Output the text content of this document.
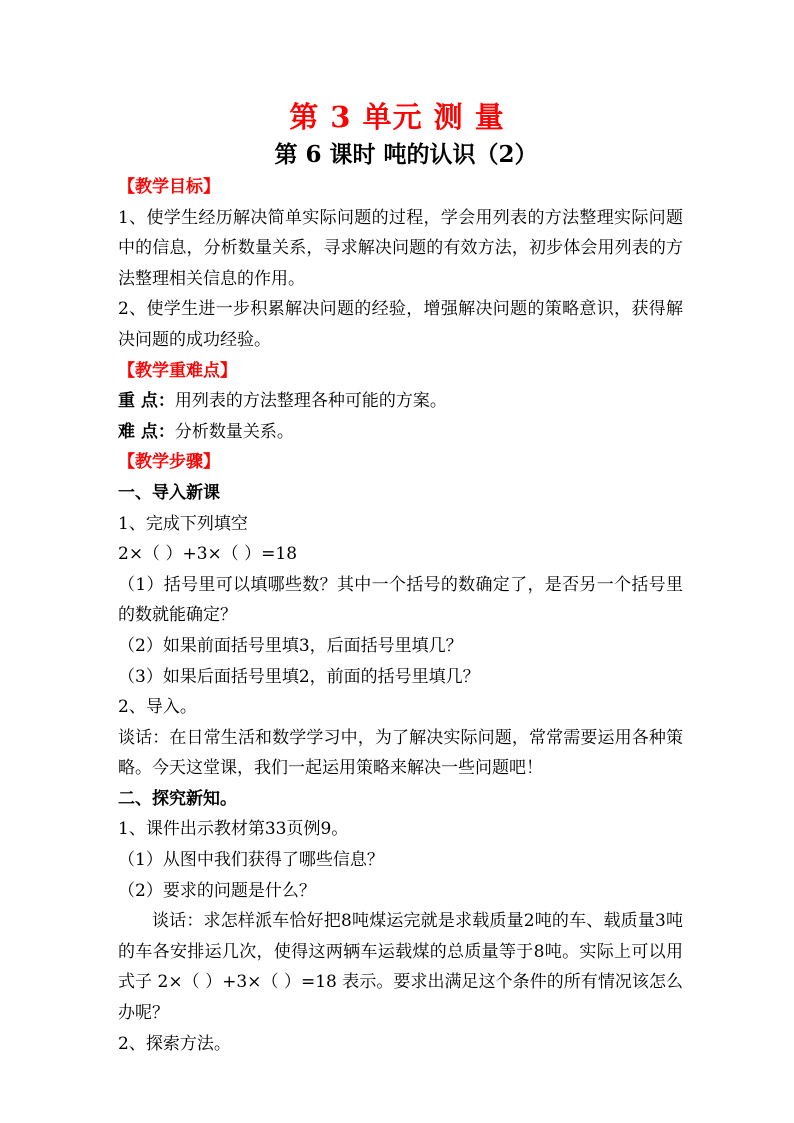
第 3 单元 测 量
第 6 课时 吨的认识（2）

【教学目标】

1、使学生经历解决简单实际问题的过程，学会用列表的方法整理实际问题中的信息，分析数量关系，寻求解决问题的有效方法，初步体会用列表的方法整理相关信息的作用。

2、使学生进一步积累解决问题的经验，增强解决问题的策略意识，获得解决问题的成功经验。

【教学重难点】

重 点：用列表的方法整理各种可能的方案。

难 点：分析数量关系。

【教学步骤】

一、导入新课

1、完成下列填空

2×（ ）+3×（ ）=18

（1）括号里可以填哪些数？其中一个括号的数确定了，是否另一个括号里的数就能确定？

（2）如果前面括号里填3，后面括号里填几？

（3）如果后面括号里填2，前面的括号里填几？

2、导入。

谈话：在日常生活和数学学习中，为了解决实际问题，常常需要运用各种策略。今天这堂课，我们一起运用策略来解决一些问题吧！

二、探究新知。

1、课件出示教材第33页例9。

（1）从图中我们获得了哪些信息？

（2）要求的问题是什么？

谈话：求怎样派车恰好把8吨煤运完就是求载质量2吨的车、载质量3吨的车各安排运几次，使得这两辆车运载煤的总质量等于8吨。实际上可以用式子 2×（ ）+3×（ ）=18 表示。要求出满足这个条件的所有情况该怎么办呢？

2、探索方法。
